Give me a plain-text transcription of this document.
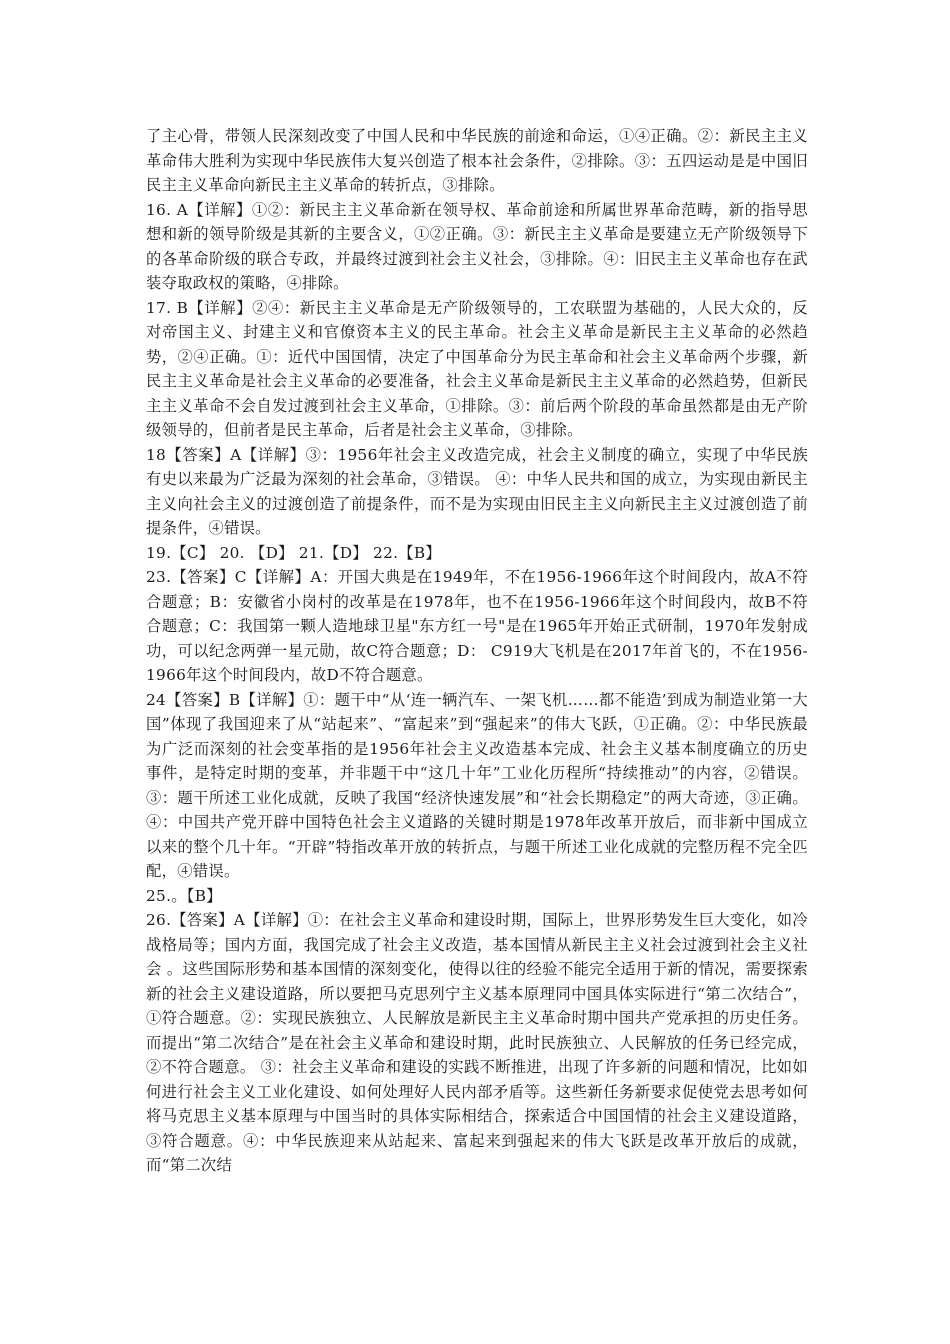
了主心骨，带领人民深刻改变了中国人民和中华民族的前途和命运，①④正确。②：新民主主义革命伟大胜利为实现中华民族伟大复兴创造了根本社会条件，②排除。③：五四运动是是中国旧民主主义革命向新民主主义革命的转折点，③排除。

16. A【详解】①②：新民主主义革命新在领导权、革命前途和所属世界革命范畴，新的指导思想和新的领导阶级是其新的主要含义，①②正确。③：新民主主义革命是要建立无产阶级领导下的各革命阶级的联合专政，并最终过渡到社会主义社会，③排除。④：旧民主主义革命也存在武装夺取政权的策略，④排除。

17. B【详解】②④：新民主主义革命是无产阶级领导的，工农联盟为基础的，人民大众的，反对帝国主义、封建主义和官僚资本主义的民主革命。社会主义革命是新民主主义革命的必然趋势，②④正确。①：近代中国国情，决定了中国革命分为民主革命和社会主义革命两个步骤，新民主主义革命是社会主义革命的必要准备，社会主义革命是新民主主义革命的必然趋势，但新民主主义革命不会自发过渡到社会主义革命，①排除。③：前后两个阶段的革命虽然都是由无产阶级领导的，但前者是民主革命，后者是社会主义革命，③排除。

18【答案】A【详解】③：1956年社会主义改造完成，社会主义制度的确立，实现了中华民族有史以来最为广泛最为深刻的社会革命，③错误。 ④：中华人民共和国的成立，为实现由新民主主义向社会主义的过渡创造了前提条件，而不是为实现由旧民主主义向新民主主义过渡创造了前提条件，④错误。

19.【C】 20. 【D】 21.【D】 22.【B】

23.【答案】C【详解】A：开国大典是在1949年，不在1956-1966年这个时间段内，故A不符合题意；B：安徽省小岗村的改革是在1978年，也不在1956-1966年这个时间段内，故B不符合题意；C：我国第一颗人造地球卫星"东方红一号"是在1965年开始正式研制，1970年发射成功，可以纪念两弹一星元勋，故C符合题意；D： C919大飞机是在2017年首飞的，不在1956-1966年这个时间段内，故D不符合题意。

24【答案】B【详解】①：题干中“从‘连一辆汽车、一架飞机……都不能造’到成为制造业第一大国”体现了我国迎来了从“站起来”、“富起来”到“强起来”的伟大飞跃，①正确。②：中华民族最为广泛而深刻的社会变革指的是1956年社会主义改造基本完成、社会主义基本制度确立的历史事件，是特定时期的变革，并非题干中“这几十年”工业化历程所“持续推动”的内容，②错误。③：题干所述工业化成就，反映了我国“经济快速发展”和“社会长期稳定”的两大奇迹，③正确。④：中国共产党开辟中国特色社会主义道路的关键时期是1978年改革开放后，而非新中国成立以来的整个几十年。“开辟”特指改革开放的转折点，与题干所述工业化成就的完整历程不完全匹配，④错误。

25.。【B】

26.【答案】A【详解】①：在社会主义革命和建设时期，国际上，世界形势发生巨大变化，如冷战格局等；国内方面，我国完成了社会主义改造，基本国情从新民主主义社会过渡到社会主义社会 。这些国际形势和基本国情的深刻变化，使得以往的经验不能完全适用于新的情况，需要探索新的社会主义建设道路，所以要把马克思列宁主义基本原理同中国具体实际进行“第二次结合”，①符合题意。②：实现民族独立、人民解放是新民主主义革命时期中国共产党承担的历史任务。而提出“第二次结合”是在社会主义革命和建设时期，此时民族独立、人民解放的任务已经完成，②不符合题意。 ③：社会主义革命和建设的实践不断推进，出现了许多新的问题和情况，比如如何进行社会主义工业化建设、如何处理好人民内部矛盾等。这些新任务新要求促使党去思考如何将马克思主义基本原理与中国当时的具体实际相结合，探索适合中国国情的社会主义建设道路，③符合题意。④：中华民族迎来从站起来、富起来到强起来的伟大飞跃是改革开放后的成就，而“第二次结
